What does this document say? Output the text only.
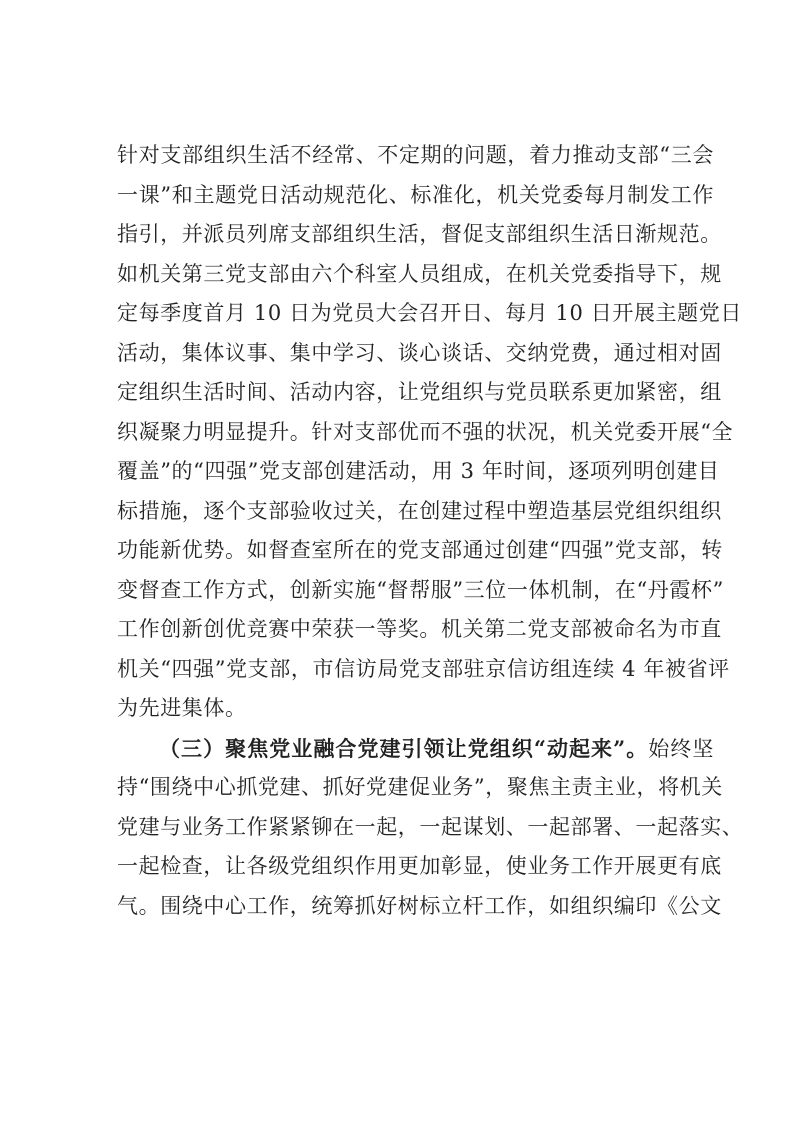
针对支部组织生活不经常、不定期的问题，着力推动支部“三会
一课”和主题党日活动规范化、标准化，机关党委每月制发工作
指引，并派员列席支部组织生活，督促支部组织生活日渐规范。
如机关第三党支部由六个科室人员组成，在机关党委指导下，规
定每季度首月 10 日为党员大会召开日、每月 10 日开展主题党日
活动，集体议事、集中学习、谈心谈话、交纳党费，通过相对固
定组织生活时间、活动内容，让党组织与党员联系更加紧密，组
织凝聚力明显提升。针对支部优而不强的状况，机关党委开展“全
覆盖”的“四强”党支部创建活动，用 3 年时间，逐项列明创建目
标措施，逐个支部验收过关，在创建过程中塑造基层党组织组织
功能新优势。如督查室所在的党支部通过创建“四强”党支部，转
变督查工作方式，创新实施“督帮服”三位一体机制，在“丹霞杯”
工作创新创优竞赛中荣获一等奖。机关第二党支部被命名为市直
机关“四强”党支部，市信访局党支部驻京信访组连续 4 年被省评
为先进集体。
（三）聚焦党业融合党建引领让党组织“动起来”。始终坚
持“围绕中心抓党建、抓好党建促业务”，聚焦主责主业，将机关
党建与业务工作紧紧铆在一起，一起谋划、一起部署、一起落实、
一起检查，让各级党组织作用更加彰显，使业务工作开展更有底
气。围绕中心工作，统筹抓好树标立杆工作，如组织编印《公文
